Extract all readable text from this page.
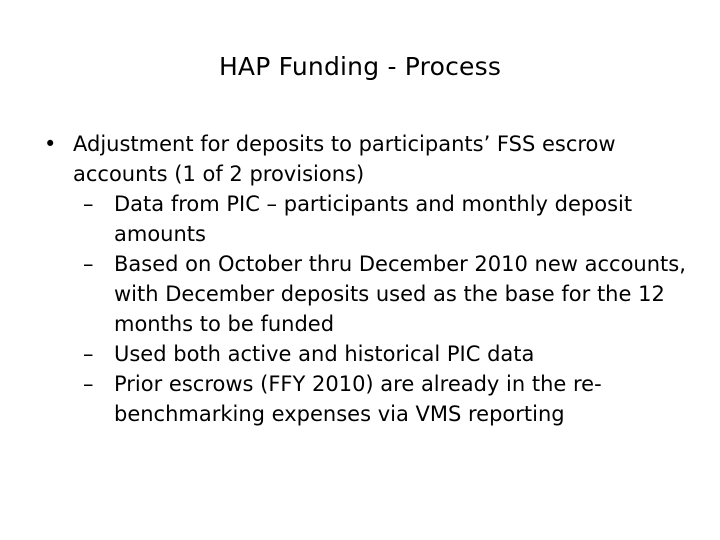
HAP Funding - Process
• Adjustment for deposits to participants’ FSS escrow accounts (1 of 2 provisions)
– Data from PIC – participants and monthly deposit amounts
– Based on October thru December 2010 new accounts, with December deposits used as the base for the 12 months to be funded
– Used both active and historical PIC data
– Prior escrows (FFY 2010) are already in the re-benchmarking expenses via VMS reporting
